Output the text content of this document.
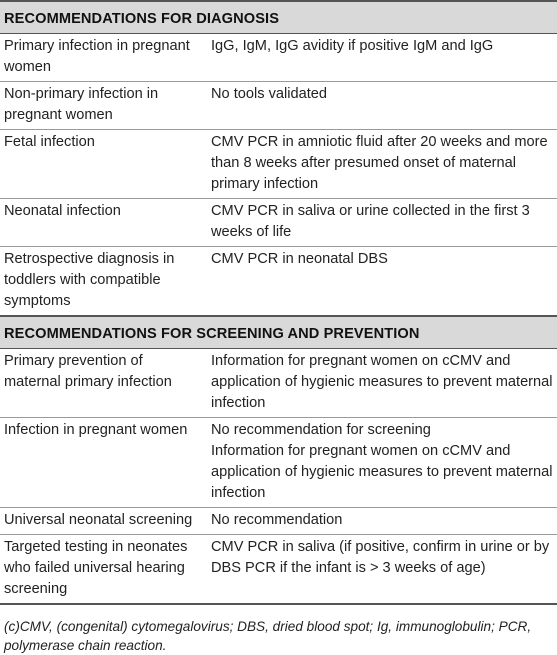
RECOMMENDATIONS FOR DIAGNOSIS	
Primary infection in pregnant women	IgG, IgM, IgG avidity if positive IgM and IgG

Non-primary infection in pregnant women	No tools validated

Fetal infection	CMV PCR in amniotic fluid after 20 weeks and more than 8 weeks after presumed onset of maternal primary infection

Neonatal infection	CMV PCR in saliva or urine collected in the first 3 weeks of life

Retrospective diagnosis in toddlers with compatible symptoms	CMV PCR in neonatal DBS

RECOMMENDATIONS FOR SCREENING AND PREVENTION	
Primary prevention of maternal primary infection	Information for pregnant women on cCMV and application of hygienic measures to prevent maternal infection

Infection in pregnant women	No recommendation for screening
Information for pregnant women on cCMV and application of hygienic measures to prevent maternal infection

Universal neonatal screening	No recommendation

Targeted testing in neonates who failed universal hearing screening	CMV PCR in saliva (if positive, confirm in urine or by DBS PCR if the infant is > 3 weeks of age)
(c)CMV, (congenital) cytomegalovirus; DBS, dried blood spot; Ig, immunoglobulin; PCR, polymerase chain reaction.
